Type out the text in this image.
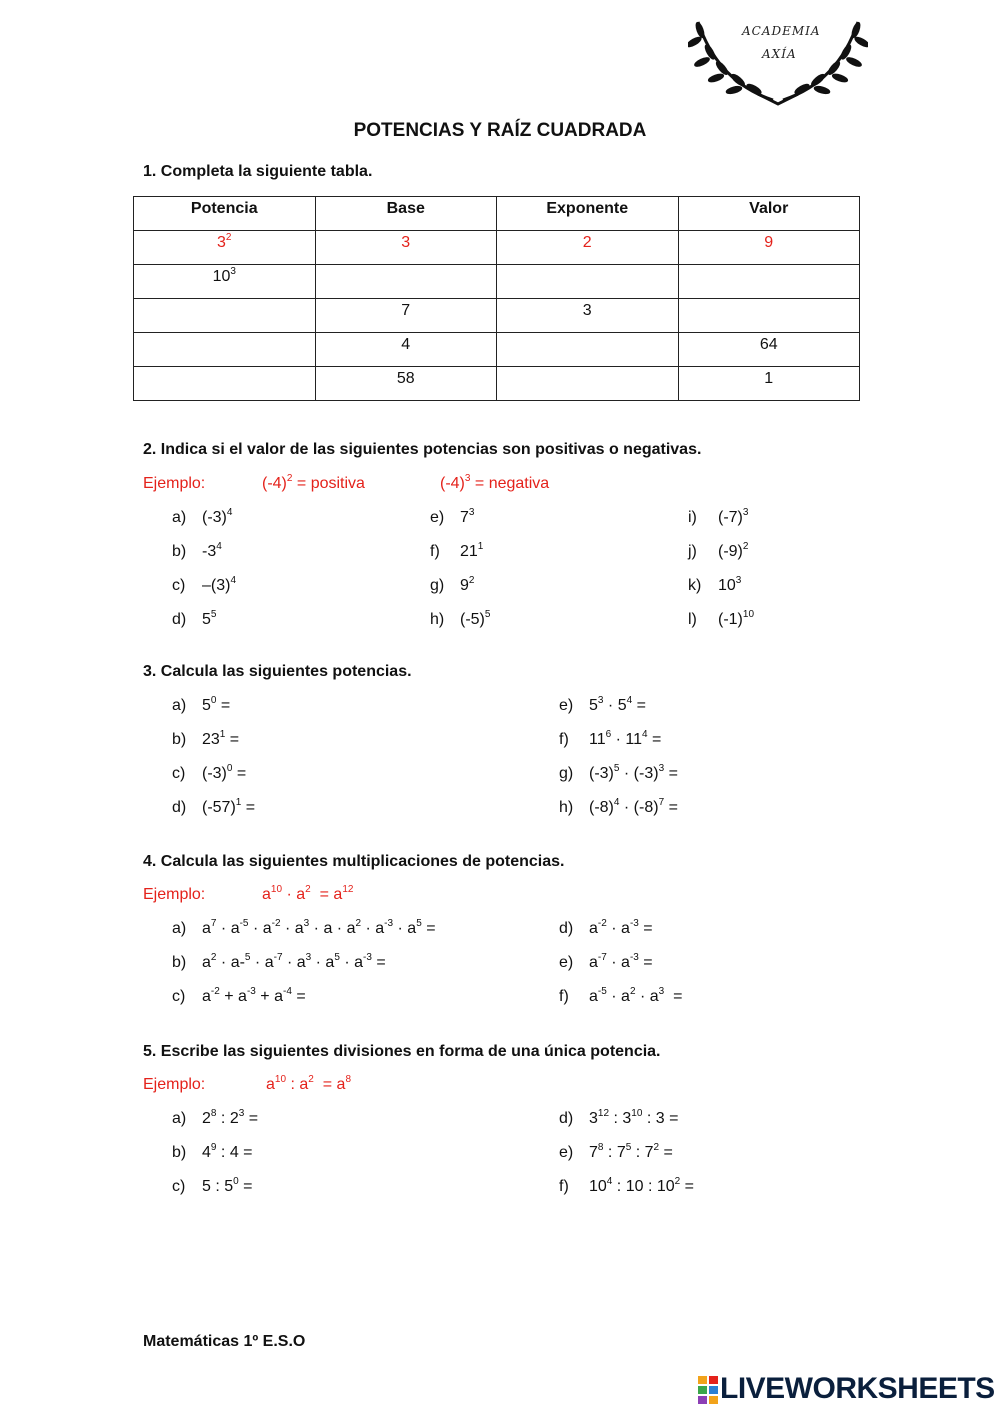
ACADEMIA
AXÍA
POTENCIAS Y RAÍZ CUADRADA
1. Completa la siguiente tabla.
Potencia	Base	Exponente	Valor
$3^2$	3	2	9
$10^3$			
	7	3	
	4		64
	58		1
2. Indica si el valor de las siguientes potencias son positivas o negativas.
Ejemplo:	$(-4)^2$ = positiva	$(-4)^3$ = negativa
a) $(-3)^4$
b) $-3^4$
c) $-(3)^4$
d) $5^5$
e) $7^3$
f) $21^1$
g) $9^2$
h) $(-5)^5$
i) $(-7)^3$
j) $(-9)^2$
k) $10^3$
l) $(-1)^{10}$
3. Calcula las siguientes potencias.
a) $5^0$ =
b) $23^1$ =
c) $(-3)^0$ =
d) $(-57)^1$ =
e) $5^3 \cdot 5^4$ =
f) $11^6 \cdot 11^4$ =
g) $(-3)^5 \cdot (-3)^3$ =
h) $(-8)^4 \cdot (-8)^7$ =
4. Calcula las siguientes multiplicaciones de potencias.
Ejemplo:	$a^{10} \cdot a^2 = a^{12}$
a) $a^7 \cdot a^{-5} \cdot a^{-2} \cdot a^3 \cdot a \cdot a^2 \cdot a^{-3} \cdot a^5$ =
b) $a^2 \cdot a-^5 \cdot a^{-7} \cdot a^3 \cdot a^5 \cdot a^{-3}$ =
c) $a^{-2} + a^{-3} + a^{-4}$ =
d) $a^{-2} \cdot a^{-3}$ =
e) $a^{-7} \cdot a^{-3}$ =
f) $a^{-5} \cdot a^2 \cdot a^3$  =
5. Escribe las siguientes divisiones en forma de una única potencia.
Ejemplo:	$a^{10}$ : $a^2 = a^8$
a) $2^8$ : $2^3$ =
b) $4^9$ : 4 =
c) 5 : $5^0$ =
d) $3^{12}$ : $3^{10}$ : 3 =
e) $7^8$ : $7^5$ : $7^2$ =
f) $10^4$ : 10 : $10^2$ =
Matemáticas 1º E.S.O
LIVEWORKSHEETS
